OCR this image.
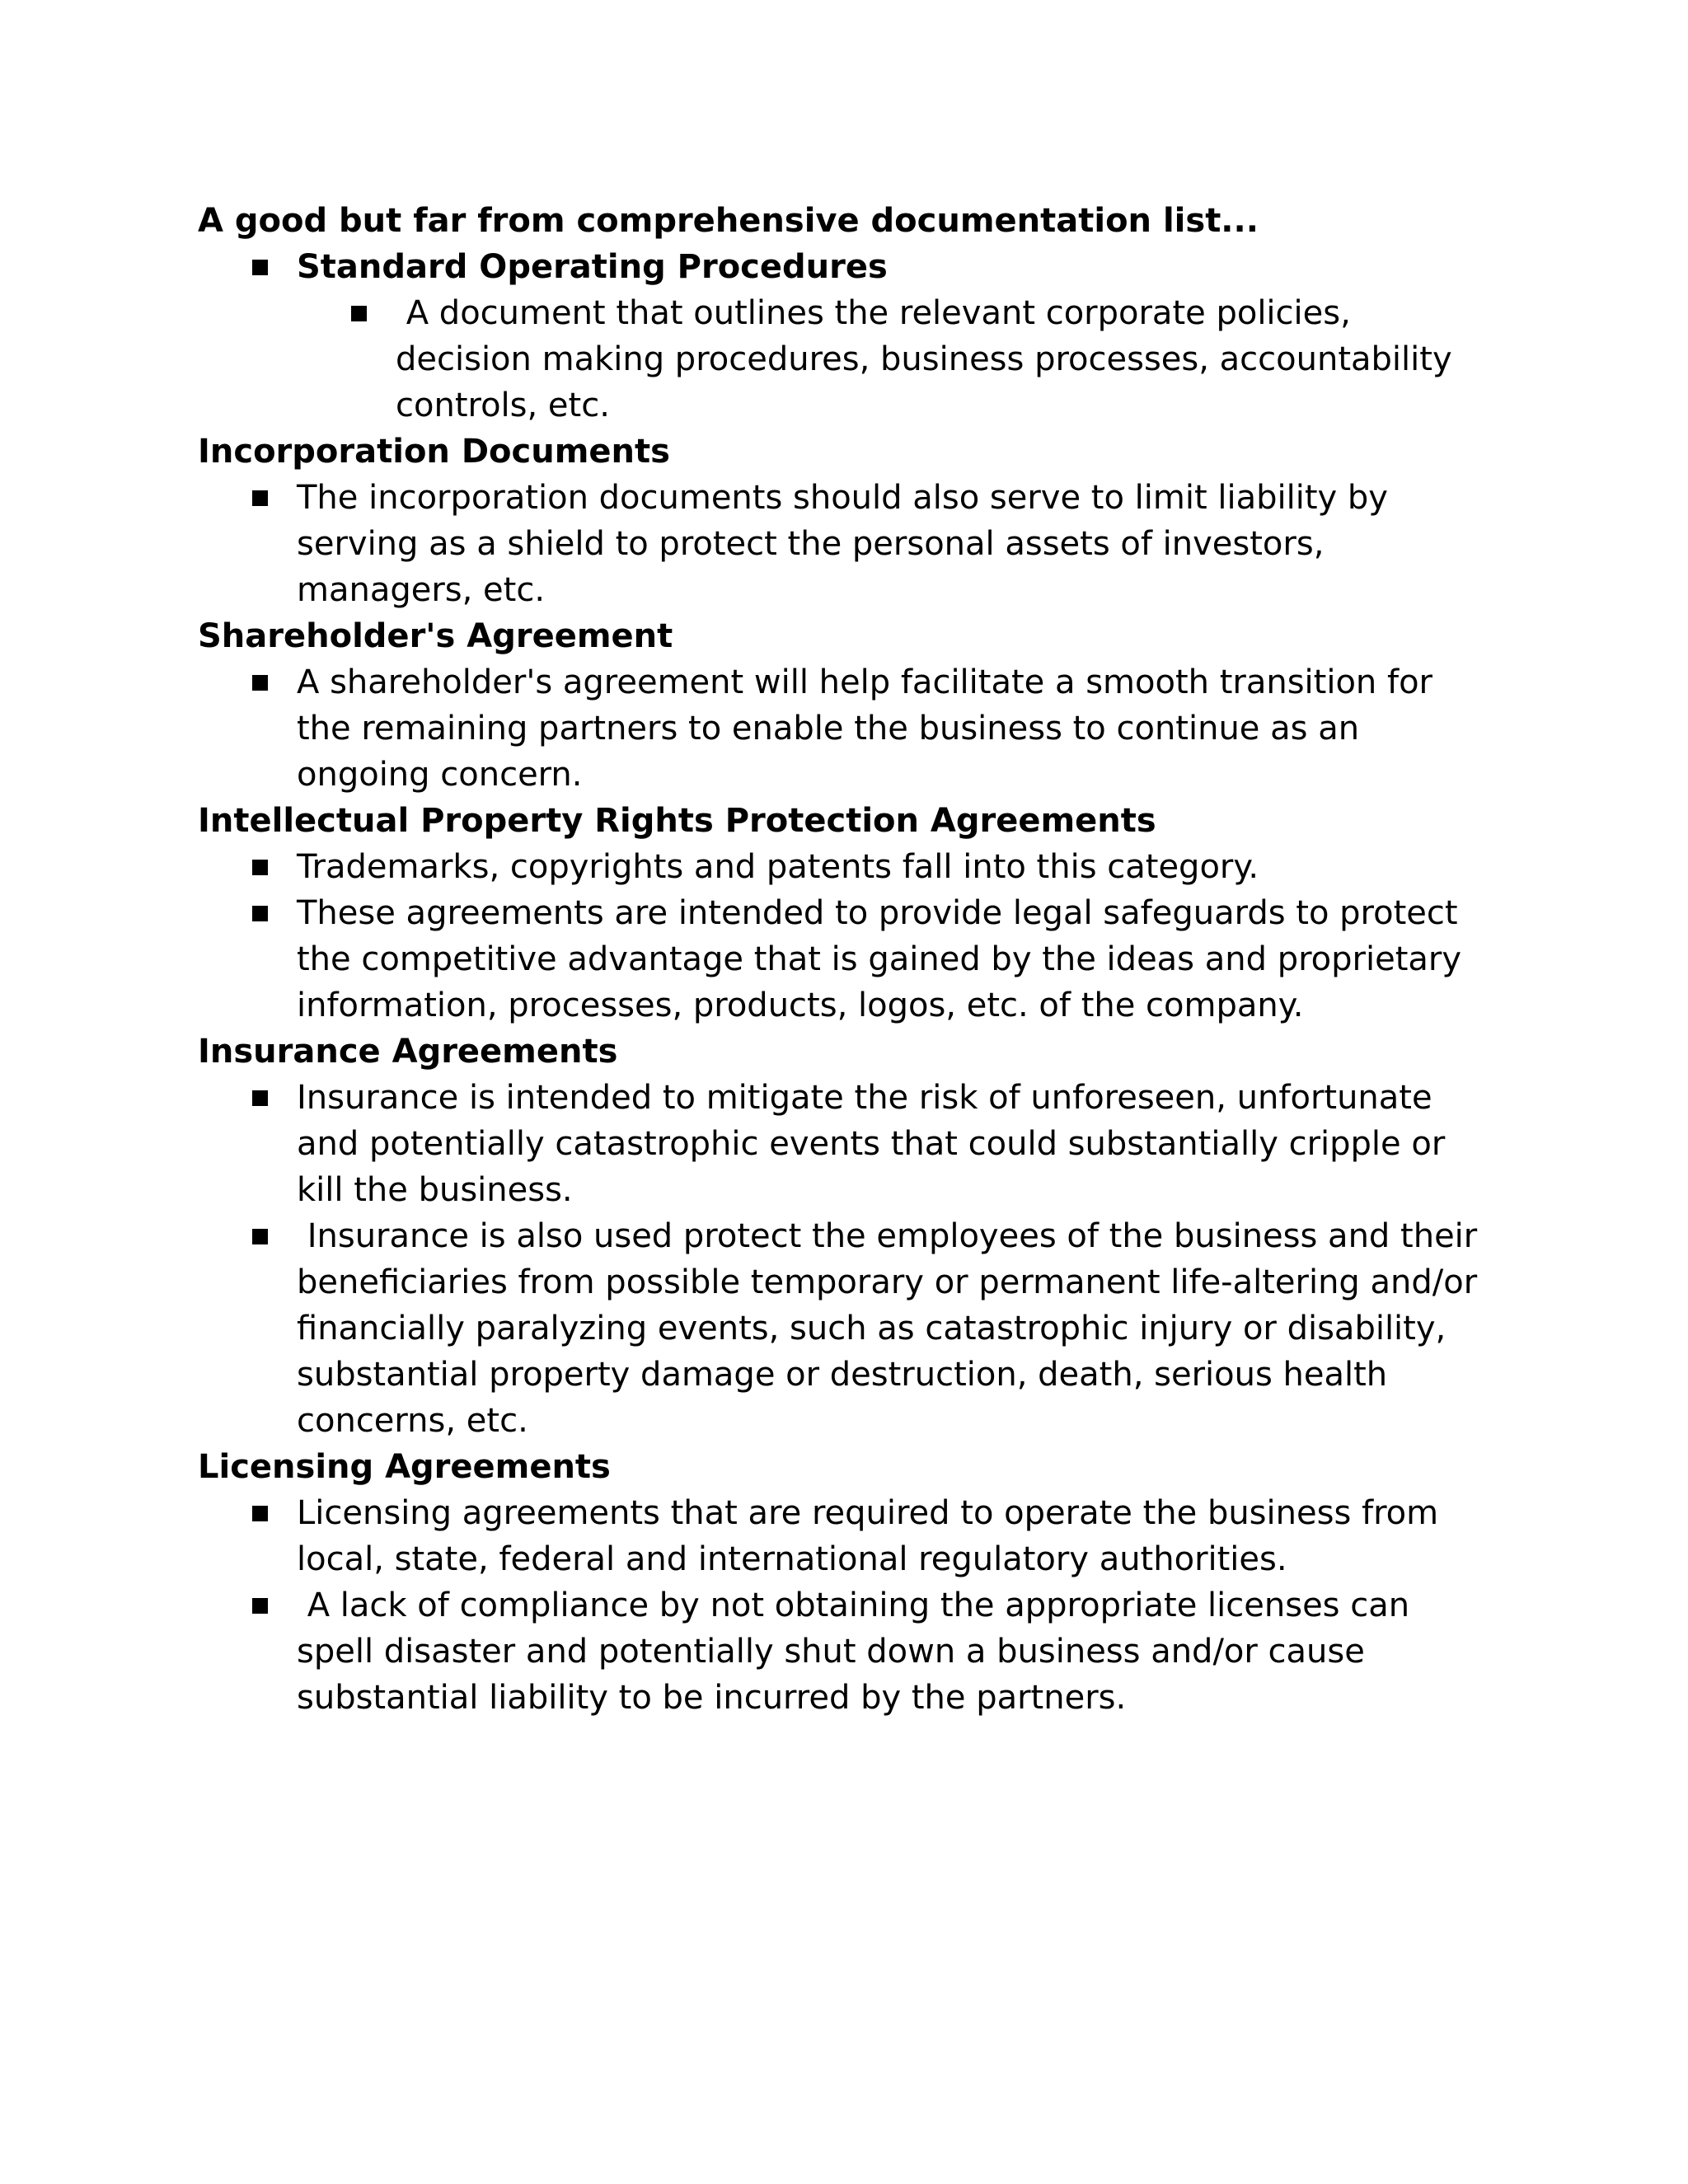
A good but far from comprehensive documentation list...

Standard Operating Procedures
A document that outlines the relevant corporate policies, decision making procedures, business processes, accountability controls, etc.

Incorporation Documents

The incorporation documents should also serve to limit liability by serving as a shield to protect the personal assets of investors, managers, etc.

Shareholder's Agreement

A shareholder's agreement will help facilitate a smooth transition for the remaining partners to enable the business to continue as an ongoing concern.

Intellectual Property Rights Protection Agreements

Trademarks, copyrights and patents fall into this category.
These agreements are intended to provide legal safeguards to protect the competitive advantage that is gained by the ideas and proprietary information, processes, products, logos, etc. of the company.

Insurance Agreements

Insurance is intended to mitigate the risk of unforeseen, unfortunate and potentially catastrophic events that could substantially cripple or kill the business.
Insurance is also used protect the employees of the business and their beneficiaries from possible temporary or permanent life-altering and/or financially paralyzing events, such as catastrophic injury or disability, substantial property damage or destruction, death, serious health concerns, etc.

Licensing Agreements

Licensing agreements that are required to operate the business from local, state, federal and international regulatory authorities.
A lack of compliance by not obtaining the appropriate licenses can spell disaster and potentially shut down a business and/or cause substantial liability to be incurred by the partners.
